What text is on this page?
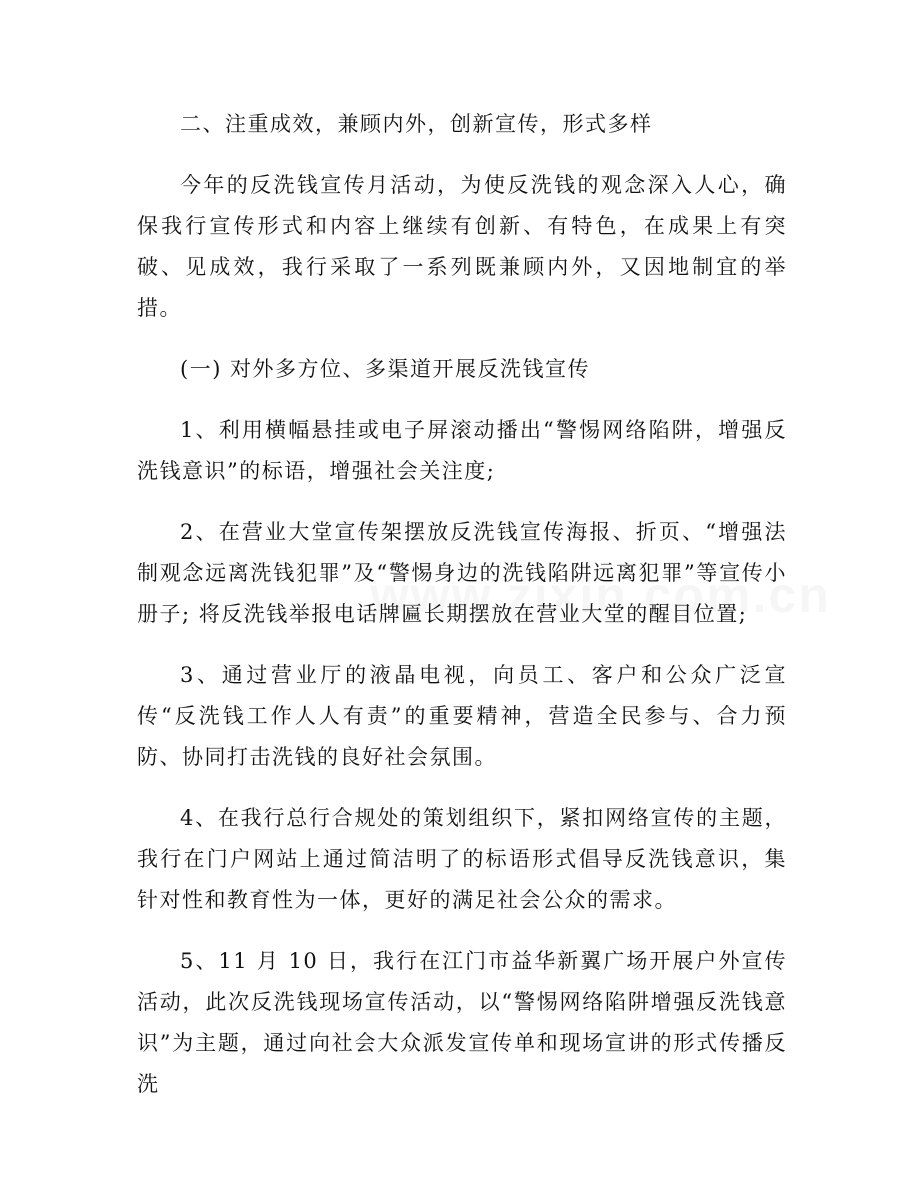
二、注重成效，兼顾内外，创新宣传，形式多样

今年的反洗钱宣传月活动，为使反洗钱的观念深入人心，确保我行宣传形式和内容上继续有创新、有特色，在成果上有突破、见成效，我行采取了一系列既兼顾内外，又因地制宜的举措。

(一) 对外多方位、多渠道开展反洗钱宣传

1、利用横幅悬挂或电子屏滚动播出“警惕网络陷阱，增强反洗钱意识”的标语，增强社会关注度;

2、在营业大堂宣传架摆放反洗钱宣传海报、折页、“增强法制观念远离洗钱犯罪”及“警惕身边的洗钱陷阱远离犯罪”等宣传小册子; 将反洗钱举报电话牌匾长期摆放在营业大堂的醒目位置;

3、通过营业厅的液晶电视，向员工、客户和公众广泛宣传“反洗钱工作人人有责”的重要精神，营造全民参与、合力预防、协同打击洗钱的良好社会氛围。

4、在我行总行合规处的策划组织下，紧扣网络宣传的主题，我行在门户网站上通过简洁明了的标语形式倡导反洗钱意识，集针对性和教育性为一体，更好的满足社会公众的需求。

5、11 月 10 日，我行在江门市益华新翼广场开展户外宣传活动，此次反洗钱现场宣传活动，以“警惕网络陷阱增强反洗钱意识”为主题，通过向社会大众派发宣传单和现场宣讲的形式传播反洗
